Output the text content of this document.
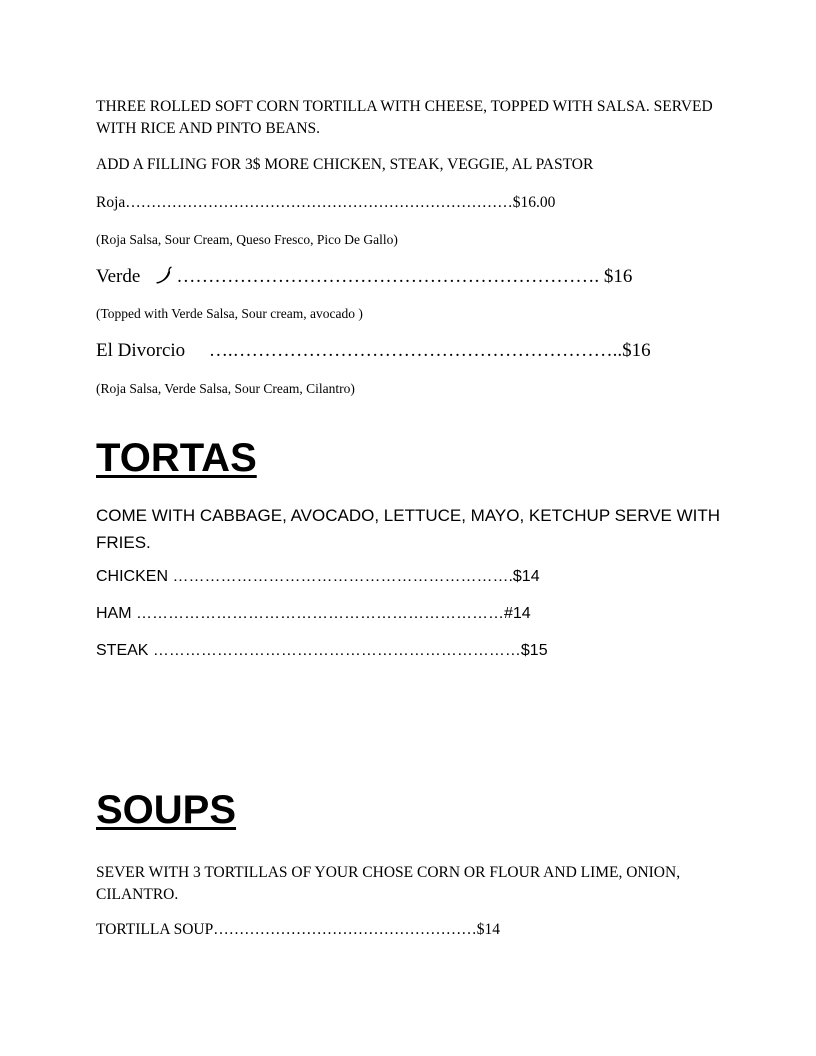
THREE ROLLED SOFT CORN TORTILLA WITH CHEESE, TOPPED WITH SALSA. SERVED WITH RICE AND PINTO BEANS.
ADD A FILLING FOR 3$ MORE CHICKEN, STEAK, VEGGIE, AL PASTOR
Roja…………………………………………………………………$16.00
(Roja Salsa, Sour Cream, Queso Fresco, Pico De Gallo)
Verde …………………………………………………………. $16
(Topped with Verde Salsa, Sour cream, avocado )
El Divorcio     ….……………………………………………………..$16
(Roja Salsa, Verde Salsa, Sour Cream, Cilantro)
TORTAS
COME WITH CABBAGE, AVOCADO, LETTUCE, MAYO, KETCHUP SERVE WITH FRIES.
CHICKEN ……………………………………………………….$14
HAM ……………………………………………………………#14
STEAK ……………………………………………………………$15
SOUPS
SEVER WITH 3 TORTILLAS OF YOUR CHOSE CORN OR FLOUR AND LIME, ONION, CILANTRO.
TORTILLA SOUP……………………………………………$14
